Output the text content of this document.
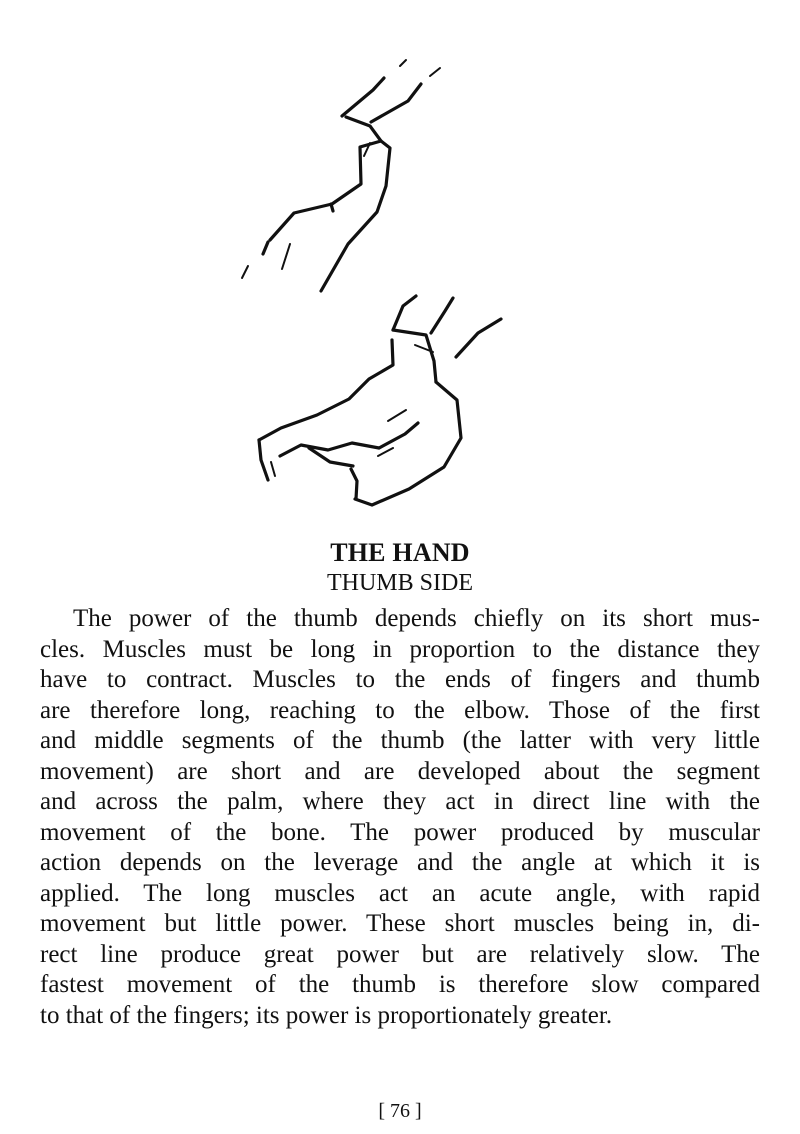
THE HAND
THUMB SIDE
The power of the thumb depends chiefly on its short mus-
cles. Muscles must be long in proportion to the distance they
have to contract. Muscles to the ends of fingers and thumb
are therefore long, reaching to the elbow. Those of the first
and middle segments of the thumb (the latter with very little
movement) are short and are developed about the segment
and across the palm, where they act in direct line with the
movement of the bone. The power produced by muscular
action depends on the leverage and the angle at which it is
applied. The long muscles act an acute angle, with rapid
movement but little power. These short muscles being in, di-
rect line produce great power but are relatively slow. The
fastest movement of the thumb is therefore slow compared
to that of the fingers; its power is proportionately greater.
[ 76 ]
